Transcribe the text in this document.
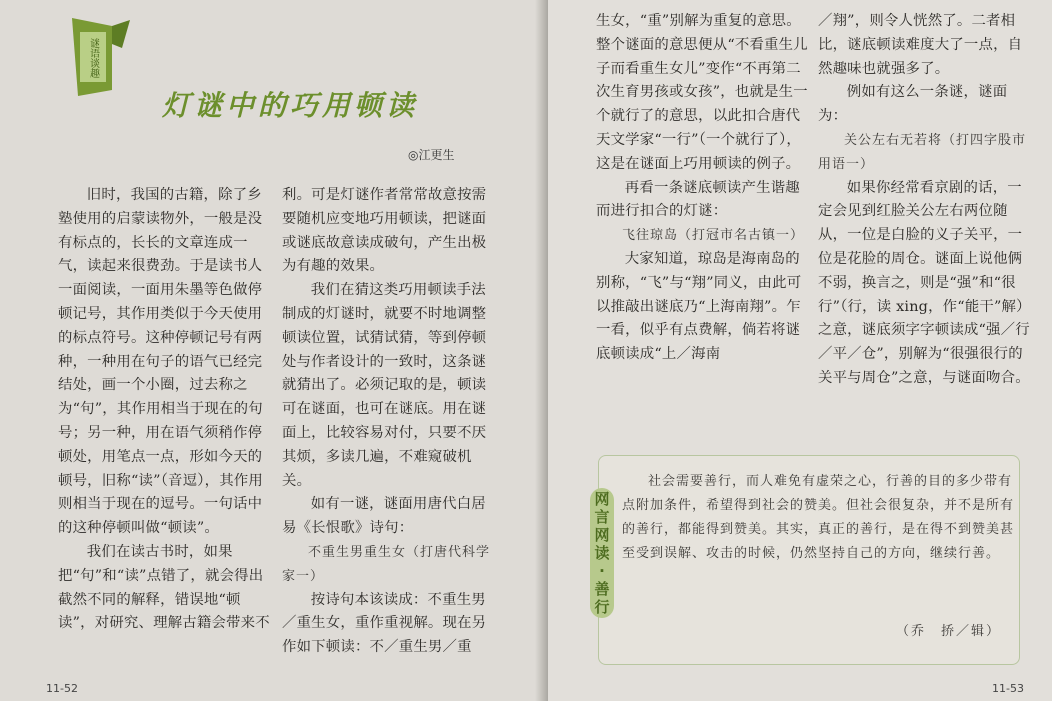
谜语谈趣
灯谜中的巧用顿读
◎江更生

旧时，我国的古籍，除了乡塾使用的启蒙读物外，一般是没有标点的，长长的文章连成一气，读起来很费劲。于是读书人一面阅读，一面用朱墨等色做停顿记号，其作用类似于今天使用的标点符号。这种停顿记号有两种，一种用在句子的语气已经完结处，画一个小圈，过去称之为“句”，其作用相当于现在的句号；另一种，用在语气须稍作停顿处，用笔点一点，形如今天的顿号，旧称“读”（音逗），其作用则相当于现在的逗号。一句话中的这种停顿叫做“顿读”。

我们在读古书时，如果把“句”和“读”点错了，就会得出截然不同的解释，错误地“顿读”，对研究、理解古籍会带来不

利。可是灯谜作者常常故意按需要随机应变地巧用顿读，把谜面或谜底故意读成破句，产生出极为有趣的效果。

我们在猜这类巧用顿读手法制成的灯谜时，就要不时地调整顿读位置，试猜试猜，等到停顿处与作者设计的一致时，这条谜就猜出了。必须记取的是，顿读可在谜面，也可在谜底。用在谜面上，比较容易对付，只要不厌其烦，多读几遍，不难窥破机关。

如有一谜，谜面用唐代白居易《长恨歌》诗句：

不重生男重生女（打唐代科学家一）

按诗句本该读成：不重生男／重生女，重作重视解。现在另作如下顿读：不／重生男／重

11-52

生女，“重”别解为重复的意思。整个谜面的意思便从“不看重生儿子而看重生女儿”变作“不再第二次生育男孩或女孩”，也就是生一个就行了的意思，以此扣合唐代天文学家“一行”（一个就行了），这是在谜面上巧用顿读的例子。

再看一条谜底顿读产生谐趣而进行扣合的灯谜：

飞往琼岛（打冠市名古镇一）

大家知道，琼岛是海南岛的别称，“飞”与“翔”同义，由此可以推敲出谜底乃“上海南翔”。乍一看，似乎有点费解，倘若将谜底顿读成“上／海南

／翔”，则令人恍然了。二者相比，谜底顿读难度大了一点，自然趣味也就强多了。

例如有这么一条谜，谜面为：

关公左右无若将（打四字股市用语一）

如果你经常看京剧的话，一定会见到红脸关公左右两位随从，一位是白脸的义子关平，一位是花脸的周仓。谜面上说他俩不弱，换言之，则是“强”和“很行”（行，读 xing，作“能干”解）之意，谜底须字字顿读成“强／行／平／仓”，别解为“很强很行的关平与周仓”之意，与谜面吻合。

11-53
网
言
网
读
·
善
行

社会需要善行，而人难免有虚荣之心，行善的目的多少带有点附加条件，希望得到社会的赞美。但社会很复杂，并不是所有的善行，都能得到赞美。其实，真正的善行，是在得不到赞美甚至受到误解、攻击的时候，仍然坚持自己的方向，继续行善。

（乔　挢／辑）
